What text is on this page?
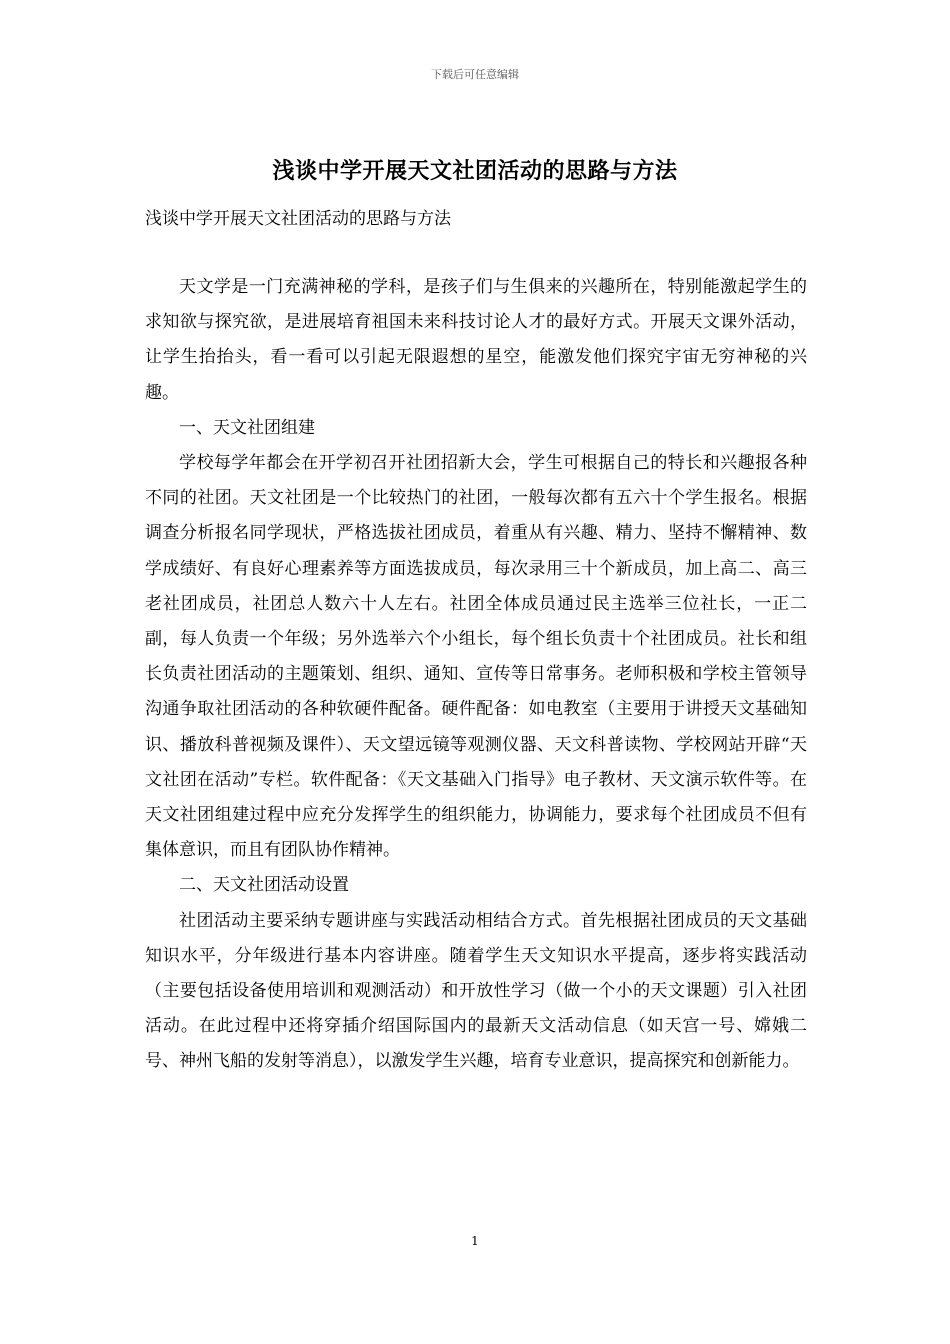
下载后可任意编辑
浅谈中学开展天文社团活动的思路与方法
浅谈中学开展天文社团活动的思路与方法

天文学是一门充满神秘的学科，是孩子们与生俱来的兴趣所在，特别能激起学生的求知欲与探究欲，是进展培育祖国未来科技讨论人才的最好方式。开展天文课外活动，让学生抬抬头，看一看可以引起无限遐想的星空，能激发他们探究宇宙无穷神秘的兴趣。

一、天文社团组建

学校每学年都会在开学初召开社团招新大会，学生可根据自己的特长和兴趣报各种不同的社团。天文社团是一个比较热门的社团，一般每次都有五六十个学生报名。根据调查分析报名同学现状，严格选拔社团成员，着重从有兴趣、精力、坚持不懈精神、数学成绩好、有良好心理素养等方面选拔成员，每次录用三十个新成员，加上高二、高三老社团成员，社团总人数六十人左右。社团全体成员通过民主选举三位社长，一正二副，每人负责一个年级；另外选举六个小组长，每个组长负责十个社团成员。社长和组长负责社团活动的主题策划、组织、通知、宣传等日常事务。老师积极和学校主管领导沟通争取社团活动的各种软硬件配备。硬件配备：如电教室（主要用于讲授天文基础知识、播放科普视频及课件）、天文望远镜等观测仪器、天文科普读物、学校网站开辟“天文社团在活动”专栏。软件配备：《天文基础入门指导》电子教材、天文演示软件等。在天文社团组建过程中应充分发挥学生的组织能力，协调能力，要求每个社团成员不但有集体意识，而且有团队协作精神。

二、天文社团活动设置

社团活动主要采纳专题讲座与实践活动相结合方式。首先根据社团成员的天文基础知识水平，分年级进行基本内容讲座。随着学生天文知识水平提高，逐步将实践活动（主要包括设备使用培训和观测活动）和开放性学习（做一个小的天文课题）引入社团活动。在此过程中还将穿插介绍国际国内的最新天文活动信息（如天宫一号、嫦娥二号、神州飞船的发射等消息），以激发学生兴趣，培育专业意识，提高探究和创新能力。

1
